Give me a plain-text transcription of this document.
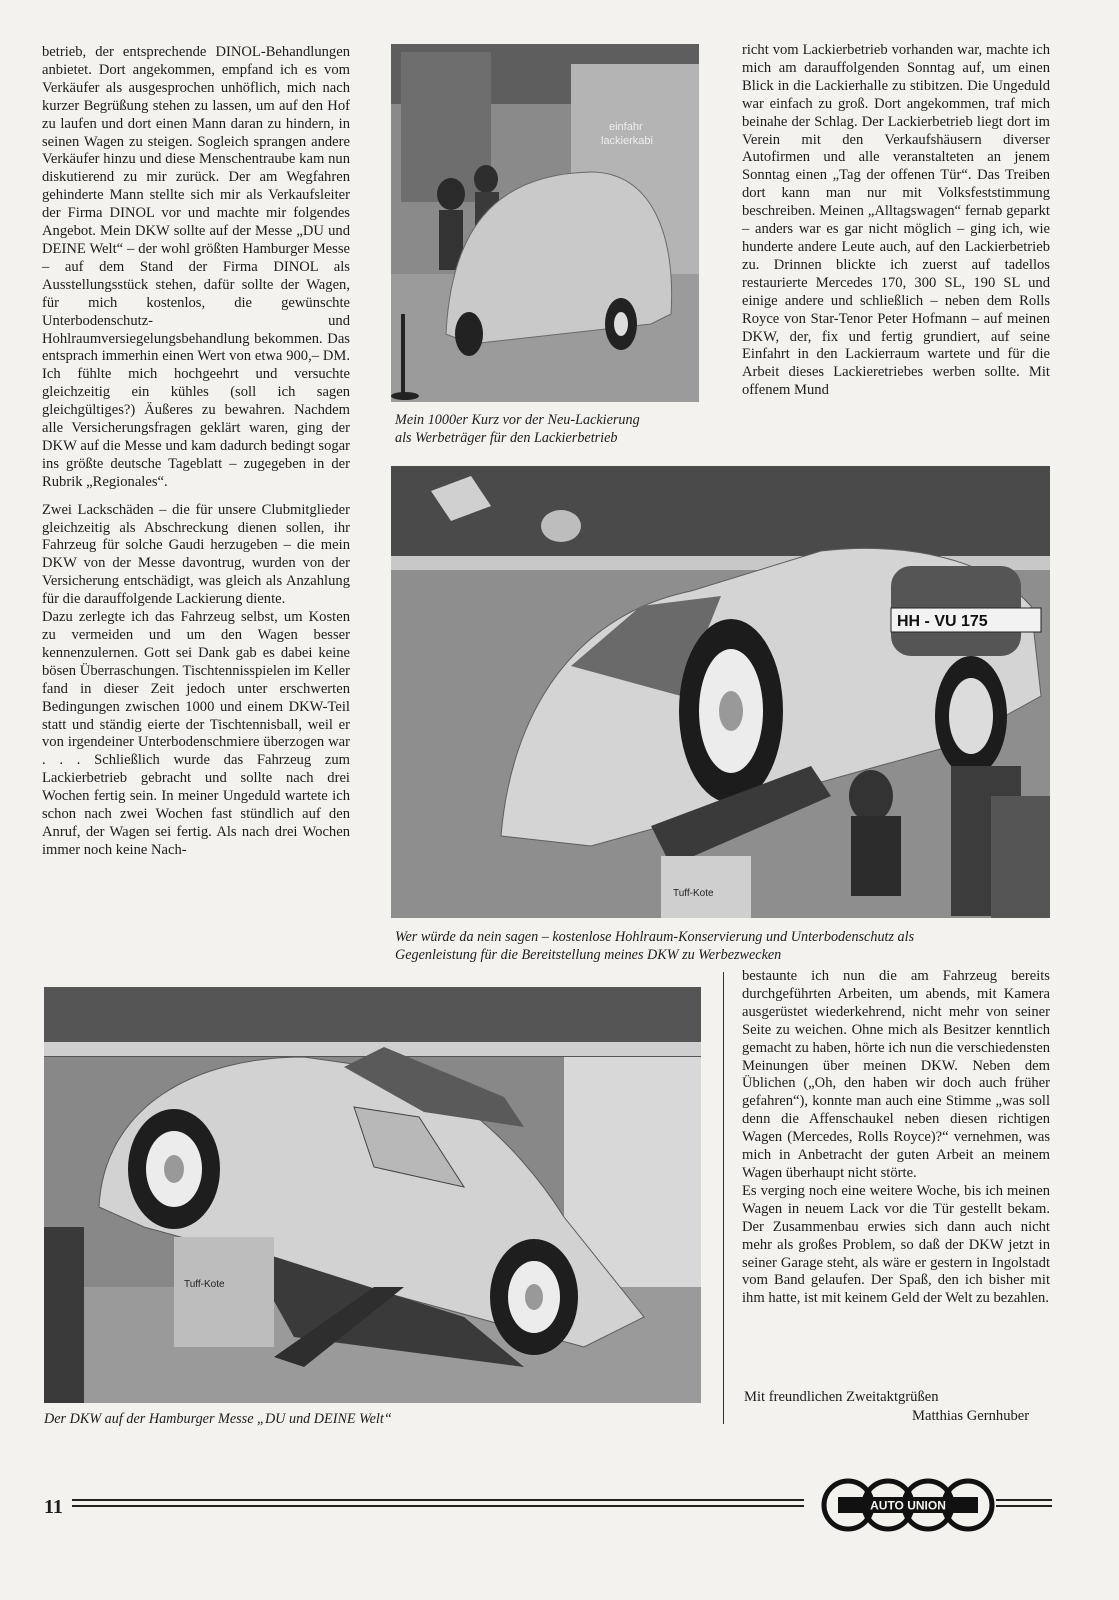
betrieb, der entsprechende DINOL-Behandlungen anbietet. Dort angekommen, empfand ich es vom Verkäufer als ausgesprochen unhöflich, mich nach kurzer Begrüßung stehen zu lassen, um auf den Hof zu laufen und dort einen Mann daran zu hindern, in seinen Wagen zu steigen. Sogleich sprangen andere Verkäufer hinzu und diese Menschentraube kam nun diskutierend zu mir zurück. Der am Wegfahren gehinderte Mann stellte sich mir als Verkaufsleiter der Firma DINOL vor und machte mir folgendes Angebot. Mein DKW sollte auf der Messe „DU und DEINE Welt“ – der wohl größten Hamburger Messe – auf dem Stand der Firma DINOL als Ausstellungsstück stehen, dafür sollte der Wagen, für mich kostenlos, die gewünschte Unterbodenschutz- und Hohlraumversiegelungsbehandlung bekommen. Das entsprach immerhin einen Wert von etwa 900,– DM. Ich fühlte mich hochgeehrt und versuchte gleichzeitig ein kühles (soll ich sagen gleichgültiges?) Äußeres zu bewahren. Nachdem alle Versicherungsfragen geklärt waren, ging der DKW auf die Messe und kam dadurch bedingt sogar ins größte deutsche Tageblatt – zugegeben in der Rubrik „Regionales“.

Zwei Lackschäden – die für unsere Clubmitglieder gleichzeitig als Abschreckung dienen sollen, ihr Fahrzeug für solche Gaudi herzugeben – die mein DKW von der Messe davontrug, wurden von der Versicherung entschädigt, was gleich als Anzahlung für die darauffolgende Lackierung diente.

Dazu zerlegte ich das Fahrzeug selbst, um Kosten zu vermeiden und um den Wagen besser kennenzulernen. Gott sei Dank gab es dabei keine bösen Überraschungen. Tischtennisspielen im Keller fand in dieser Zeit jedoch unter erschwerten Bedingungen zwischen 1000 und einem DKW-Teil statt und ständig eierte der Tischtennisball, weil er von irgendeiner Unterbodenschmiere überzogen war . . . Schließlich wurde das Fahrzeug zum Lackierbetrieb gebracht und sollte nach drei Wochen fertig sein. In meiner Ungeduld wartete ich schon nach zwei Wochen fast stündlich auf den Anruf, der Wagen sei fertig. Als nach drei Wochen immer noch keine Nach-

einfahr
lackierkabi
Mein 1000er Kurz vor der Neu-Lackierung
als Werbeträger für den Lackierbetrieb

richt vom Lackierbetrieb vorhanden war, machte ich mich am darauffolgenden Sonntag auf, um einen Blick in die Lackierhalle zu stibitzen. Die Ungeduld war einfach zu groß. Dort angekommen, traf mich beinahe der Schlag. Der Lackierbetrieb liegt dort im Verein mit den Verkaufshäusern diverser Autofirmen und alle veranstalteten an jenem Sonntag einen „Tag der offenen Tür“. Das Treiben dort kann man nur mit Volksfeststimmung beschreiben. Meinen „Alltagswagen“ fernab geparkt – anders war es gar nicht möglich – ging ich, wie hunderte andere Leute auch, auf den Lackierbetrieb zu. Drinnen blickte ich zuerst auf tadellos restaurierte Mercedes 170, 300 SL, 190 SL und einige andere und schließlich – neben dem Rolls Royce von Star-Tenor Peter Hofmann – auf meinen DKW, der, fix und fertig grundiert, auf seine Einfahrt in den Lackierraum wartete und für die Arbeit dieses Lackieretriebes werben sollte. Mit offenem Mund

HH - VU 175
Tuff-Kote
Wer würde da nein sagen – kostenlose Hohlraum-Konservierung und Unterbodenschutz als
Gegenleistung für die Bereitstellung meines DKW zu Werbezwecken
Tuff-Kote
Der DKW auf der Hamburger Messe „DU und DEINE Welt“

bestaunte ich nun die am Fahrzeug bereits durchgeführten Arbeiten, um abends, mit Kamera ausgerüstet wiederkehrend, nicht mehr von seiner Seite zu weichen. Ohne mich als Besitzer kenntlich gemacht zu haben, hörte ich nun die verschiedensten Meinungen über meinen DKW. Neben dem Üblichen („Oh, den haben wir doch auch früher gefahren“), konnte man auch eine Stimme „was soll denn die Affenschaukel neben diesen richtigen Wagen (Mercedes, Rolls Royce)?“ vernehmen, was mich in Anbetracht der guten Arbeit an meinem Wagen überhaupt nicht störte.

Es verging noch eine weitere Woche, bis ich meinen Wagen in neuem Lack vor die Tür gestellt bekam. Der Zusammenbau erwies sich dann auch nicht mehr als großes Problem, so daß der DKW jetzt in seiner Garage steht, als wäre er gestern in Ingolstadt vom Band gelaufen. Der Spaß, den ich bisher mit ihm hatte, ist mit keinem Geld der Welt zu bezahlen.

Mit freundlichen Zweitaktgrüßen
Matthias Gernhuber
11	AUTO UNION
